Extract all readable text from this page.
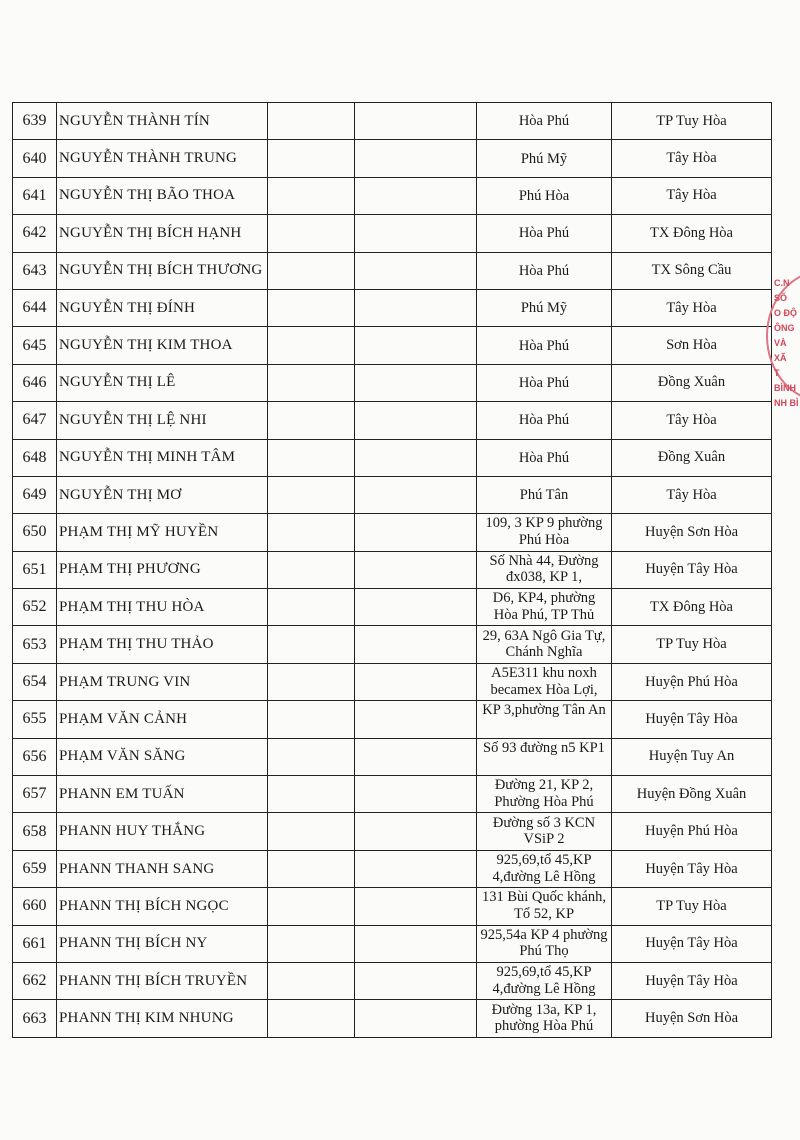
639	NGUYỄN THÀNH TÍN			Hòa Phú	TP Tuy Hòa
640	NGUYỄN THÀNH TRUNG			Phú Mỹ	Tây Hòa
641	NGUYỄN THỊ BÃO THOA			Phú Hòa	Tây Hòa
642	NGUYỄN THỊ BÍCH HẠNH			Hòa Phú	TX Đông Hòa
643	NGUYỄN THỊ BÍCH THƯƠNG			Hòa Phú	TX Sông Cầu
644	NGUYỄN THỊ ĐÍNH			Phú Mỹ	Tây Hòa
645	NGUYỄN THỊ KIM THOA			Hòa Phú	Sơn Hòa
646	NGUYỄN THỊ LÊ			Hòa Phú	Đồng Xuân
647	NGUYỄN THỊ LỆ NHI			Hòa Phú	Tây Hòa
648	NGUYỄN THỊ MINH TÂM			Hòa Phú	Đồng Xuân
649	NGUYỄN THỊ MƠ			Phú Tân	Tây Hòa
650	PHẠM THỊ MỸ HUYỀN			109, 3 KP 9 phường Phú Hòa	Huyện Sơn Hòa
651	PHẠM THỊ PHƯƠNG			Số Nhà 44, Đường đx038, KP 1,	Huyện Tây Hòa
652	PHẠM THỊ THU HÒA			D6, KP4, phường Hòa Phú, TP Thủ	TX Đông Hòa
653	PHẠM THỊ THU THẢO			29, 63A Ngô Gia Tự, Chánh Nghĩa	TP Tuy Hòa
654	PHẠM TRUNG VIN			A5E311 khu noxh becamex Hòa Lợi,	Huyện Phú Hòa
655	PHẠM VĂN CẢNH			KP 3,phường Tân An	Huyện Tây Hòa
656	PHẠM VĂN SĂNG			Số 93 đường n5 KP1	Huyện Tuy An
657	PHANN EM TUẤN			Đường 21, KP 2, Phường Hòa Phú	Huyện Đồng Xuân
658	PHANN HUY THẮNG			Đường số 3 KCN VSiP 2	Huyện Phú Hòa
659	PHANN THANH SANG			925,69,tổ 45,KP 4,đường Lê Hồng	Huyện Tây Hòa
660	PHANN THỊ BÍCH NGỌC			131 Bùi Quốc khánh, Tổ 52, KP	TP Tuy Hòa
661	PHANN THỊ BÍCH NY			925,54a KP 4 phường Phú Thọ	Huyện Tây Hòa
662	PHANN THỊ BÍCH TRUYỀN			925,69,tổ 45,KP 4,đường Lê Hồng	Huyện Tây Hòa
663	PHANN THỊ KIM NHUNG			Đường 13a, KP 1, phường Hòa Phú	Huyện Sơn Hòa
C.N
SỐ
O ĐỘ
ÔNG
VÀ XÃ
T BÌNH
NH BÌ
